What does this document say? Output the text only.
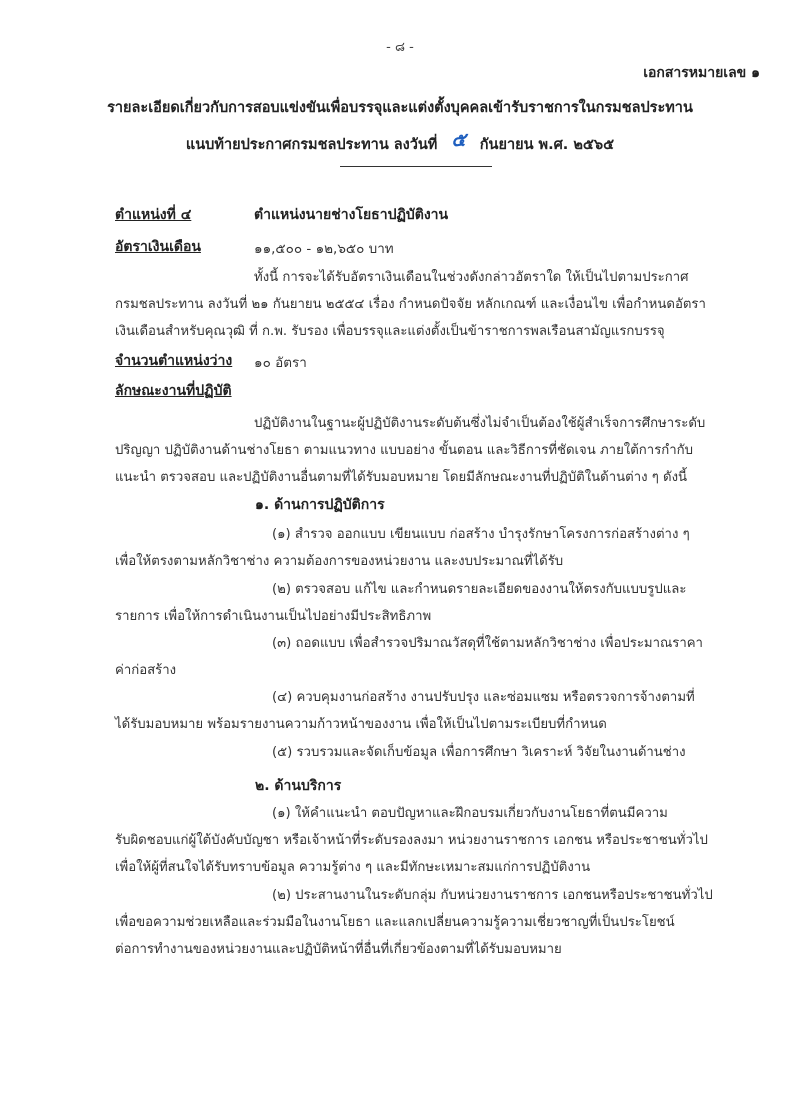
- ๘ -
เอกสารหมายเลข ๑
รายละเอียดเกี่ยวกับการสอบแข่งขันเพื่อบรรจุและแต่งตั้งบุคคลเข้ารับราชการในกรมชลประทาน
แนบท้ายประกาศกรมชลประทาน ลงวันที่ ๕ กันยายน พ.ศ. ๒๕๖๕
ตำแหน่งที่ ๔	ตำแหน่งนายช่างโยธาปฏิบัติงาน
อัตราเงินเดือน	๑๑,๕๐๐ - ๑๒,๖๕๐ บาท
ทั้งนี้ การจะได้รับอัตราเงินเดือนในช่วงดังกล่าวอัตราใด ให้เป็นไปตามประกาศ
กรมชลประทาน ลงวันที่ ๒๑ กันยายน ๒๕๕๔ เรื่อง กำหนดปัจจัย หลักเกณฑ์ และเงื่อนไข เพื่อกำหนดอัตรา
เงินเดือนสำหรับคุณวุฒิ ที่ ก.พ. รับรอง เพื่อบรรจุและแต่งตั้งเป็นข้าราชการพลเรือนสามัญแรกบรรจุ
จำนวนตำแหน่งว่าง ๑๐ อัตรา
ลักษณะงานที่ปฏิบัติ
ปฏิบัติงานในฐานะผู้ปฏิบัติงานระดับต้นซึ่งไม่จำเป็นต้องใช้ผู้สำเร็จการศึกษาระดับ
ปริญญา ปฏิบัติงานด้านช่างโยธา ตามแนวทาง แบบอย่าง ขั้นตอน และวิธีการที่ชัดเจน ภายใต้การกำกับ
แนะนำ ตรวจสอบ และปฏิบัติงานอื่นตามที่ได้รับมอบหมาย โดยมีลักษณะงานที่ปฏิบัติในด้านต่าง ๆ ดังนี้
๑. ด้านการปฏิบัติการ
(๑) สำรวจ ออกแบบ เขียนแบบ ก่อสร้าง บำรุงรักษาโครงการก่อสร้างต่าง ๆ
เพื่อให้ตรงตามหลักวิชาช่าง ความต้องการของหน่วยงาน และงบประมาณที่ได้รับ
(๒) ตรวจสอบ แก้ไข และกำหนดรายละเอียดของงานให้ตรงกับแบบรูปและ
รายการ เพื่อให้การดำเนินงานเป็นไปอย่างมีประสิทธิภาพ
(๓) ถอดแบบ เพื่อสำรวจปริมาณวัสดุที่ใช้ตามหลักวิชาช่าง เพื่อประมาณราคา
ค่าก่อสร้าง
(๔) ควบคุมงานก่อสร้าง งานปรับปรุง และซ่อมแซม หรือตรวจการจ้างตามที่
ได้รับมอบหมาย พร้อมรายงานความก้าวหน้าของงาน เพื่อให้เป็นไปตามระเบียบที่กำหนด
(๕) รวบรวมและจัดเก็บข้อมูล เพื่อการศึกษา วิเคราะห์ วิจัยในงานด้านช่าง
๒. ด้านบริการ
(๑) ให้คำแนะนำ ตอบปัญหาและฝึกอบรมเกี่ยวกับงานโยธาที่ตนมีความ
รับผิดชอบแก่ผู้ใต้บังคับบัญชา หรือเจ้าหน้าที่ระดับรองลงมา หน่วยงานราชการ เอกชน หรือประชาชนทั่วไป
เพื่อให้ผู้ที่สนใจได้รับทราบข้อมูล ความรู้ต่าง ๆ และมีทักษะเหมาะสมแก่การปฏิบัติงาน
(๒) ประสานงานในระดับกลุ่ม กับหน่วยงานราชการ เอกชนหรือประชาชนทั่วไป
เพื่อขอความช่วยเหลือและร่วมมือในงานโยธา และแลกเปลี่ยนความรู้ความเชี่ยวชาญที่เป็นประโยชน์
ต่อการทำงานของหน่วยงานและปฏิบัติหน้าที่อื่นที่เกี่ยวข้องตามที่ได้รับมอบหมาย
